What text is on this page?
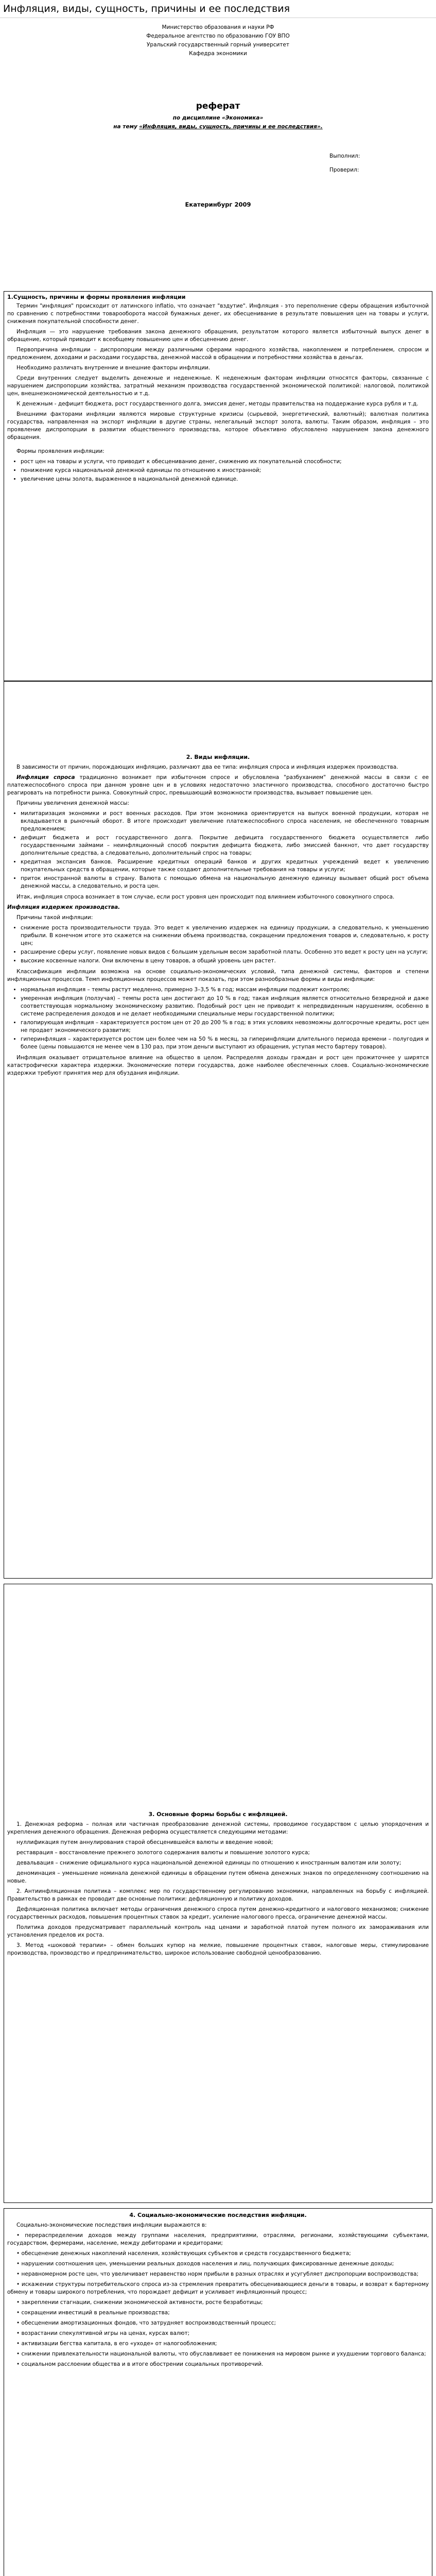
Инфляция, виды, сущность, причины и ее последствия

Министерство образования и науки РФ

Федеральное агентство по образованию ГОУ ВПО

Уральский государственный горный университет

Кафедра экономики

реферат

по дисциплине «Экономика»

на тему «Инфляция, виды, сущность, причины и ее последствия».

Выполнил:

Проверил:

Екатеринбург 2009
1.Сущность, причины и формы проявления инфляции

Термин "инфляция" происходит от латинского inflatio, что означает "вздутие". Инфляция - это переполнение сферы обращения избыточной по сравнению с потребностями товарооборота массой бумажных денег, их обесценивание в результате повышения цен на товары и услуги, снижения покупательной способности денег.

Инфляция — это нарушение требования закона денежного обращения, результатом которого является избыточный выпуск денег в обращение, который приводит к всеобщему повышению цен и обесценению денег.

Первопричина инфляции – диспропорции между различными сферами народного хозяйства, накоплением и потреблением, спросом и предложением, доходами и расходами государства, денежной массой в обращении и потребностями хозяйства в деньгах.

Необходимо различать внутренние и внешние факторы инфляции.

Среди внутренних следует выделить денежные и неденежные. К неденежным факторам инфляции относятся факторы, связанные с нарушением диспропорции хозяйства, затратный механизм производства государственной экономической политикой: налоговой, политикой цен, внешнеэкономической деятельностью и т.д.

К денежным - дефицит бюджета, рост государственного долга, эмиссия денег, методы правительства на поддержание курса рубля и т.д.

Внешними факторами инфляции являются мировые структурные кризисы (сырьевой, энергетический, валютный); валютная политика государства, направленная на экспорт инфляции в другие страны, нелегальный экспорт золота, валюты. Таким образом, инфляция – это проявление диспропорции в развитии общественного производства, которое объективно обусловлено нарушением закона денежного обращения.

Формы проявления инфляции:

• рост цен на товары и услуги, что приводит к обесцениванию денег, снижению их покупательной способности;
• понижение курса национальной денежной единицы по отношению к иностранной;
• увеличение цены золота, выраженное в национальной денежной единице.
2. Виды инфляции.

В зависимости от причин, порождающих инфляцию, различают два ее типа: инфляция спроса и инфляция издержек производства.

Инфляция спроса традиционно возникает при избыточном спросе и обусловлена "разбуханием" денежной массы в связи с ее платежеспособного спроса при данном уровне цен и в условиях недостаточно эластичного производства, способного достаточно быстро реагировать на потребности рынка. Совокупный спрос, превышающий возможности производства, вызывает повышение цен.

Причины увеличения денежной массы:

• милитаризация экономики и рост военных расходов. При этом экономика ориентируется на выпуск военной продукции, которая не вкладывается в рыночный оборот. В итоге происходит увеличение платежеспособного спроса населения, не обеспеченного товарным предложением;
• дефицит бюджета и рост государственного долга. Покрытие дефицита государственного бюджета осуществляется либо государственными займами – неинфляционный способ покрытия дефицита бюджета, либо эмиссией банкнот, что дает государству дополнительные средства, а следовательно, дополнительный спрос на товары;
• кредитная экспансия банков. Расширение кредитных операций банков и других кредитных учреждений ведет к увеличению покупательных средств в обращении, которые также создают дополнительные требования на товары и услуги;
• приток иностранной валюты в страну. Валюта с помощью обмена на национальную денежную единицу вызывает общий рост объема денежной массы, а следовательно, и роста цен.

Итак, инфляция спроса возникает в том случае, если рост уровня цен происходит под влиянием избыточного совокупного спроса.

Инфляция издержек производства.

Причины такой инфляции:

• снижение роста производительности труда. Это ведет к увеличению издержек на единицу продукции, а следовательно, к уменьшению прибыли. В конечном итоге это скажется на снижении объема производства, сокращении предложения товаров и, следовательно, к росту цен;
• расширение сферы услуг, появление новых видов с большим удельным весом заработной платы. Особенно это ведет к росту цен на услуги;
• высокие косвенные налоги. Они включены в цену товаров, а общий уровень цен растет.

Классификация инфляции возможна на основе социально-экономических условий, типа денежной системы, факторов и степени инфляционных процессов. Темп инфляционных процессов может показать, при этом разнообразные формы и виды инфляции:

• нормальная инфляция – темпы растут медленно, примерно 3–3,5 % в год; массам инфляции подлежит контролю;
• умеренная инфляция (ползучая) – темпы роста цен достигают до 10 % в год; такая инфляция является относительно безвредной и даже соответствующая нормальному экономическому развитию. Подобный рост цен не приводит к непредвиденным нарушениям, особенно в системе распределения доходов и не делает необходимыми специальные меры государственной политики;
• галопирующая инфляция – характеризуется ростом цен от 20 до 200 % в год; в этих условиях невозможны долгосрочные кредиты, рост цен не продает экономического развития;
• гиперинфляция – характеризуется ростом цен более чем на 50 % в месяц, за гиперинфляции длительного периода времени – полугодия и более (цены повышаются не менее чем в 130 раз, при этом деньги выступают из обращения, уступая место бартеру товаров).

Инфляция оказывает отрицательное влияние на общество в целом. Распределяя доходы граждан и рост цен прожиточнее у ширятся катастрофически характера издержки. Экономические потери государства, доже наиболее обеспеченных слоев. Социально-экономические издержки требуют принятия мер для обуздания инфляции.

3. Основные формы борьбы с инфляцией.

1. Денежная реформа – полная или частичная преобразование денежной системы, проводимое государством с целью упорядочения и укрепления денежного обращения. Денежная реформа осуществляется следующими методами:

нуллификация путем аннулирования старой обесценившейся валюты и введение новой;

реставрация – восстановление прежнего золотого содержания валюты и повышение золотого курса;

девальвация – снижение официального курса национальной денежной единицы по отношению к иностранным валютам или золоту;

деноминация – уменьшение номинала денежной единицы в обращении путем обмена денежных знаков по определенному соотношению на новые.

2. Антиинфляционная политика – комплекс мер по государственному регулированию экономики, направленных на борьбу с инфляцией. Правительство в рамках ее проводит две основные политики: дефляционную и политику доходов.

Дефляционная политика включает методы ограничения денежного спроса путем денежно-кредитного и налогового механизмов; снижение государственных расходов, повышения процентных ставок за кредит, усиление налогового пресса, ограничение денежной массы.

Политика доходов предусматривает параллельный контроль над ценами и заработной платой путем полного их замораживания или установления пределов их роста.

3. Метод «шоковой терапии» – обмен больших купюр на мелкие, повышение процентных ставок, налоговые меры, стимулирование производства, производство и предпринимательство, широкое использование свободной ценообразованию.

4. Социально-экономические последствия инфляции.

Социально-экономические последствия инфляции выражаются в:

• перераспределении доходов между группами населения, предприятиями, отраслями, регионами, хозяйствующими субъектами, государством, фермерами, население, между дебиторами и кредиторами;

• обесценение денежных накоплений населения, хозяйствующих субъектов и средств государственного бюджета;

• нарушении соотношения цен, уменьшении реальных доходов населения и лиц, получающих фиксированные денежные доходы;

• неравномерном росте цен, что увеличивает неравенство норм прибыли в разных отраслях и усугубляет диспропорции воспроизводства;

• искажении структуры потребительского спроса из-за стремления превратить обесценивающиеся деньги в товары, и возврат к бартерному обмену и товары широкого потребления, что порождает дефицит и усиливает инфляционный процесс;

• закреплении стагнации, снижении экономической активности, росте безработицы;

• сокращении инвестиций в реальные производства;

• обесценении амортизационных фондов, что затрудняет воспроизводственный процесс;

• возрастании спекулятивной игры на ценах, курсах валют;

• активизации бегства капитала, в его «уходе» от налогообложения;

• снижении привлекательности национальной валюты, что обуславливает ее понижения на мировом рынке и ухудшении торгового баланса;

• социальном расслоении общества и в итоге обострении социальных противоречий.
